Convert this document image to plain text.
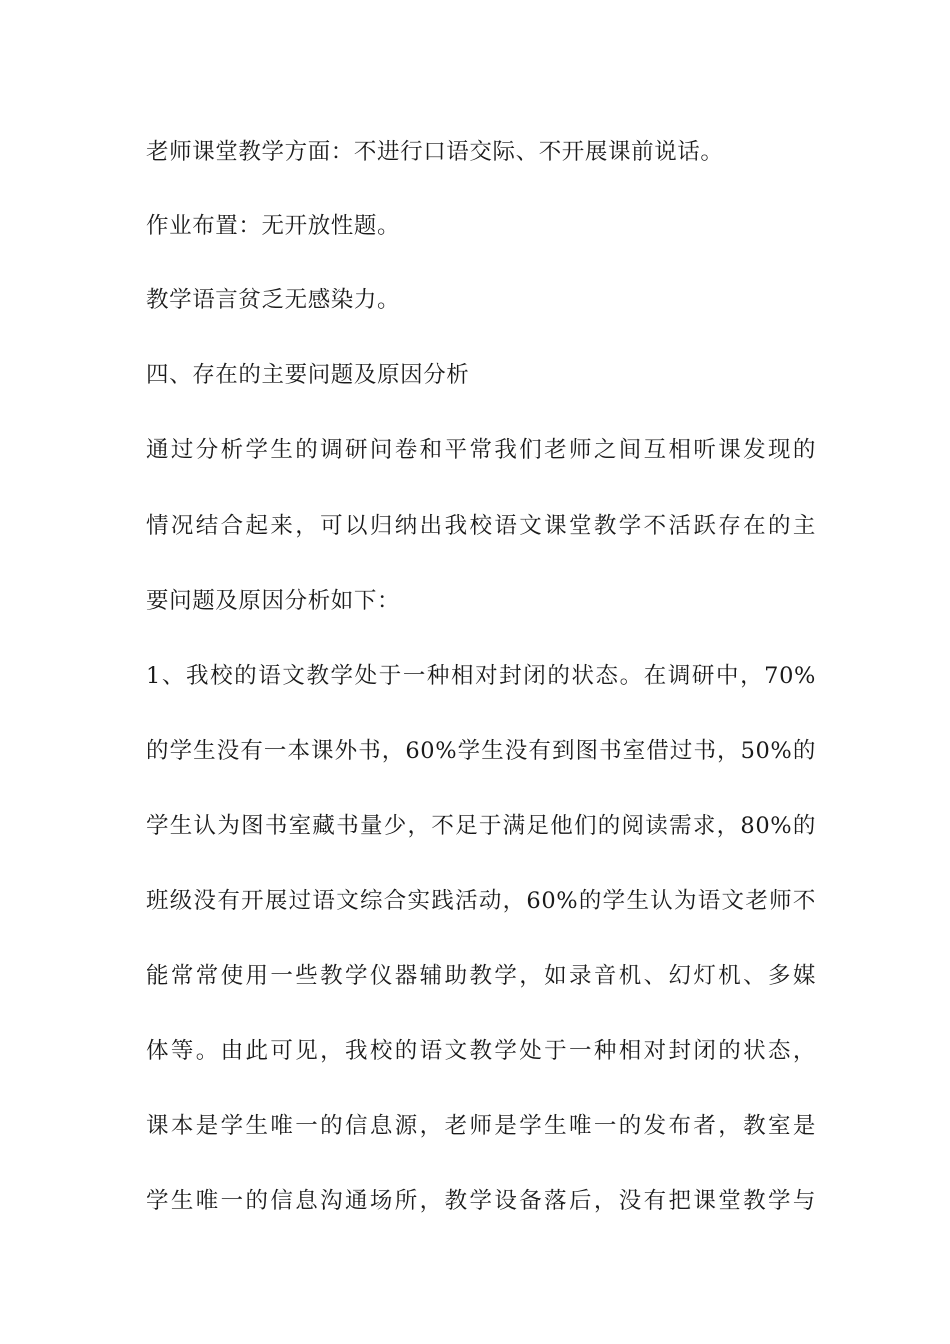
老师课堂教学方面：不进行口语交际、不开展课前说话。
作业布置：无开放性题。
教学语言贫乏无感染力。
四、存在的主要问题及原因分析
通过分析学生的调研问卷和平常我们老师之间互相听课发现的
情况结合起来，可以归纳出我校语文课堂教学不活跃存在的主
要问题及原因分析如下：
1、我校的语文教学处于一种相对封闭的状态。在调研中，70%
的学生没有一本课外书，60%学生没有到图书室借过书，50%的
学生认为图书室藏书量少，不足于满足他们的阅读需求，80%的
班级没有开展过语文综合实践活动，60%的学生认为语文老师不
能常常使用一些教学仪器辅助教学，如录音机、幻灯机、多媒
体等。由此可见，我校的语文教学处于一种相对封闭的状态，
课本是学生唯一的信息源，老师是学生唯一的发布者，教室是
学生唯一的信息沟通场所，教学设备落后，没有把课堂教学与
